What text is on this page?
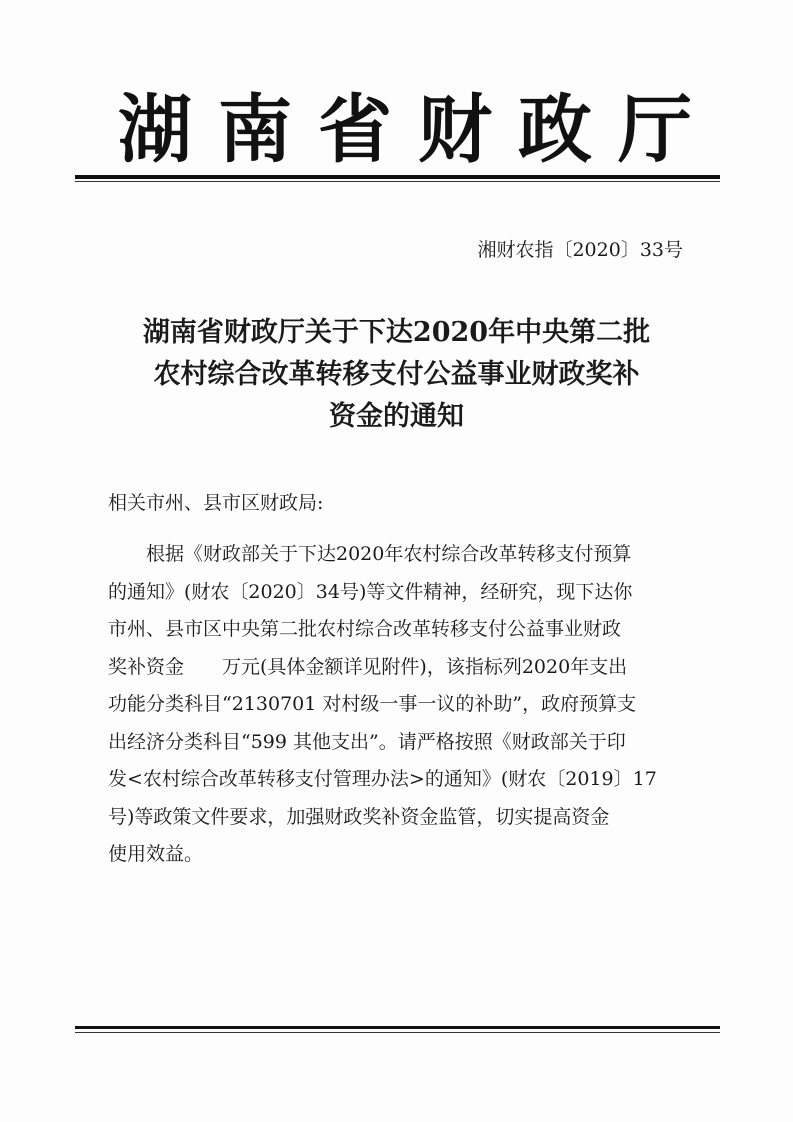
湖南省财政厅
湘财农指〔2020〕33号
湖南省财政厅关于下达2020年中央第二批
农村综合改革转移支付公益事业财政奖补
资金的通知
相关市州、县市区财政局:
　　根据《财政部关于下达2020年农村综合改革转移支付预算
的通知》(财农〔2020〕34号)等文件精神，经研究，现下达你
市州、县市区中央第二批农村综合改革转移支付公益事业财政
奖补资金　　万元(具体金额详见附件)，该指标列2020年支出
功能分类科目“2130701 对村级一事一议的补助”，政府预算支
出经济分类科目“599 其他支出”。请严格按照《财政部关于印
发<农村综合改革转移支付管理办法>的通知》(财农〔2019〕17
号)等政策文件要求，加强财政奖补资金监管，切实提高资金
使用效益。
